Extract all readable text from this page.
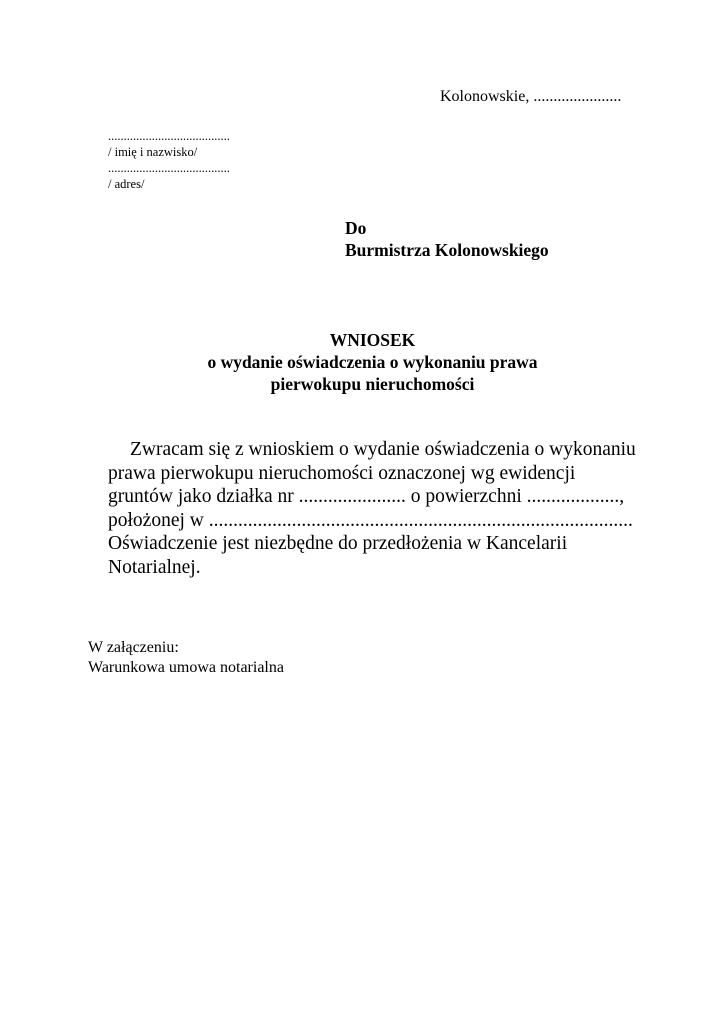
Kolonowskie, ......................
.......................................
/ imię i nazwisko/
.......................................
/ adres/
Do
Burmistrza Kolonowskiego
WNIOSEK
o wydanie oświadczenia o wykonaniu prawa
pierwokupu nieruchomości
Zwracam się z wnioskiem o wydanie oświadczenia o wykonaniu
prawa pierwokupu nieruchomości oznaczonej wg ewidencji
gruntów jako działka nr ...................... o powierzchni ...................,
położonej w .......................................................................................
Oświadczenie jest niezbędne do przedłożenia w Kancelarii
Notarialnej.
W załączeniu:
Warunkowa umowa notarialna
